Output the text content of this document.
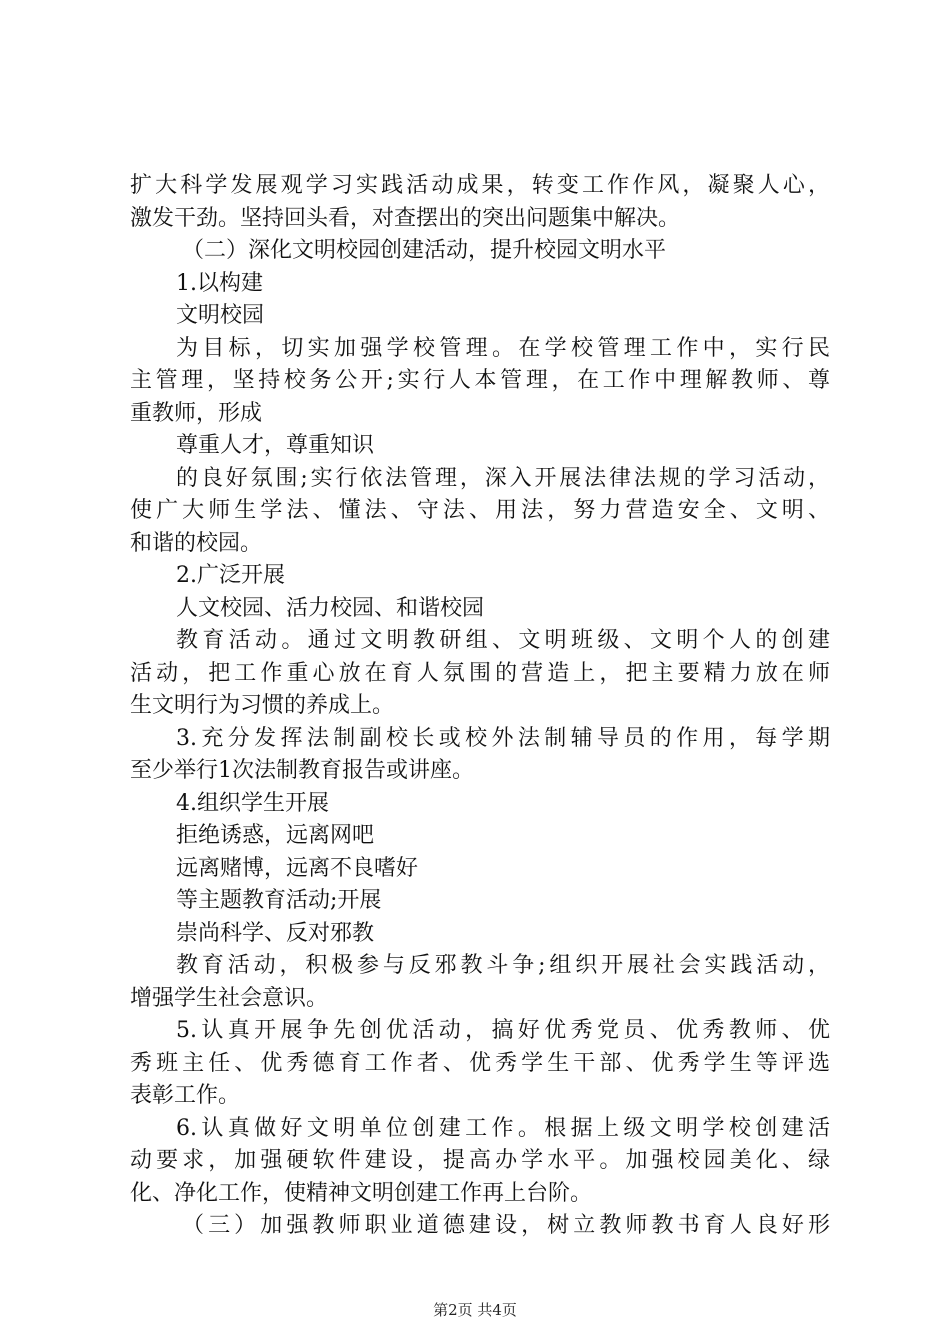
扩大科学发展观学习实践活动成果，转变工作作风，凝聚人心，
激发干劲。坚持回头看，对查摆出的突出问题集中解决。
（二）深化文明校园创建活动，提升校园文明水平
1.以构建
文明校园
为目标，切实加强学校管理。在学校管理工作中，实行民
主管理，坚持校务公开;实行人本管理，在工作中理解教师、尊
重教师，形成
尊重人才，尊重知识
的良好氛围;实行依法管理，深入开展法律法规的学习活动，
使广大师生学法、懂法、守法、用法，努力营造安全、文明、
和谐的校园。
2.广泛开展
人文校园、活力校园、和谐校园
教育活动。通过文明教研组、文明班级、文明个人的创建
活动，把工作重心放在育人氛围的营造上，把主要精力放在师
生文明行为习惯的养成上。
3.充分发挥法制副校长或校外法制辅导员的作用，每学期
至少举行1次法制教育报告或讲座。
4.组织学生开展
拒绝诱惑，远离网吧
远离赌博，远离不良嗜好
等主题教育活动;开展
崇尚科学、反对邪教
教育活动，积极参与反邪教斗争;组织开展社会实践活动，
增强学生社会意识。
5.认真开展争先创优活动，搞好优秀党员、优秀教师、优
秀班主任、优秀德育工作者、优秀学生干部、优秀学生等评选
表彰工作。
6.认真做好文明单位创建工作。根据上级文明学校创建活
动要求，加强硬软件建设，提高办学水平。加强校园美化、绿
化、净化工作，使精神文明创建工作再上台阶。
（三）加强教师职业道德建设，树立教师教书育人良好形
第2页 共4页
